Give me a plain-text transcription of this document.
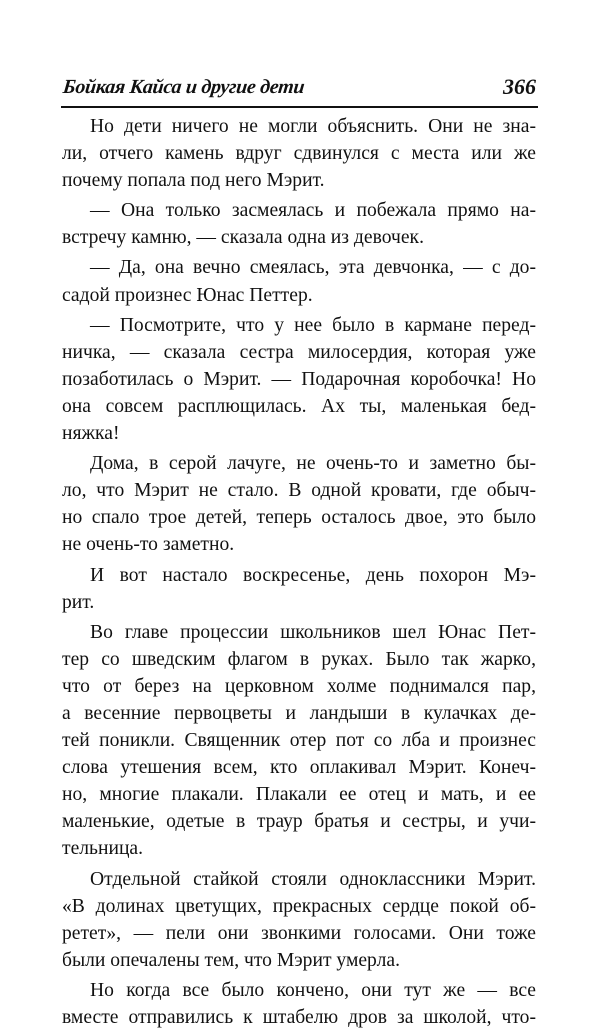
Бойкая Кайса и другие дети	366
Но дети ничего не могли объяснить. Они не зна-
ли, отчего камень вдруг сдвинулся с места или же
почему попала под него Мэрит.
— Она только засмеялась и побежала прямо на-
встречу камню, — сказала одна из девочек.
— Да, она вечно смеялась, эта девчонка, — с до-
садой произнес Юнас Петтер.
— Посмотрите, что у нее было в кармане перед-
ничка, — сказала сестра милосердия, которая уже
позаботилась о Мэрит. — Подарочная коробочка! Но
она совсем расплющилась. Ах ты, маленькая бед-
няжка!
Дома, в серой лачуге, не очень-то и заметно бы-
ло, что Мэрит не стало. В одной кровати, где обыч-
но спало трое детей, теперь осталось двое, это было
не очень-то заметно.
И вот настало воскресенье, день похорон Мэ-
рит.
Во главе процессии школьников шел Юнас Пет-
тер со шведским флагом в руках. Было так жарко,
что от берез на церковном холме поднимался пар,
а весенние первоцветы и ландыши в кулачках де-
тей поникли. Священник отер пот со лба и произнес
слова утешения всем, кто оплакивал Мэрит. Конеч-
но, многие плакали. Плакали ее отец и мать, и ее
маленькие, одетые в траур братья и сестры, и учи-
тельница.
Отдельной стайкой стояли одноклассники Мэрит.
«В долинах цветущих, прекрасных сердце покой об-
ретет», — пели они звонкими голосами. Они тоже
были опечалены тем, что Мэрит умерла.
Но когда все было кончено, они тут же — все
вместе отправились к штабелю дров за школой, что-
